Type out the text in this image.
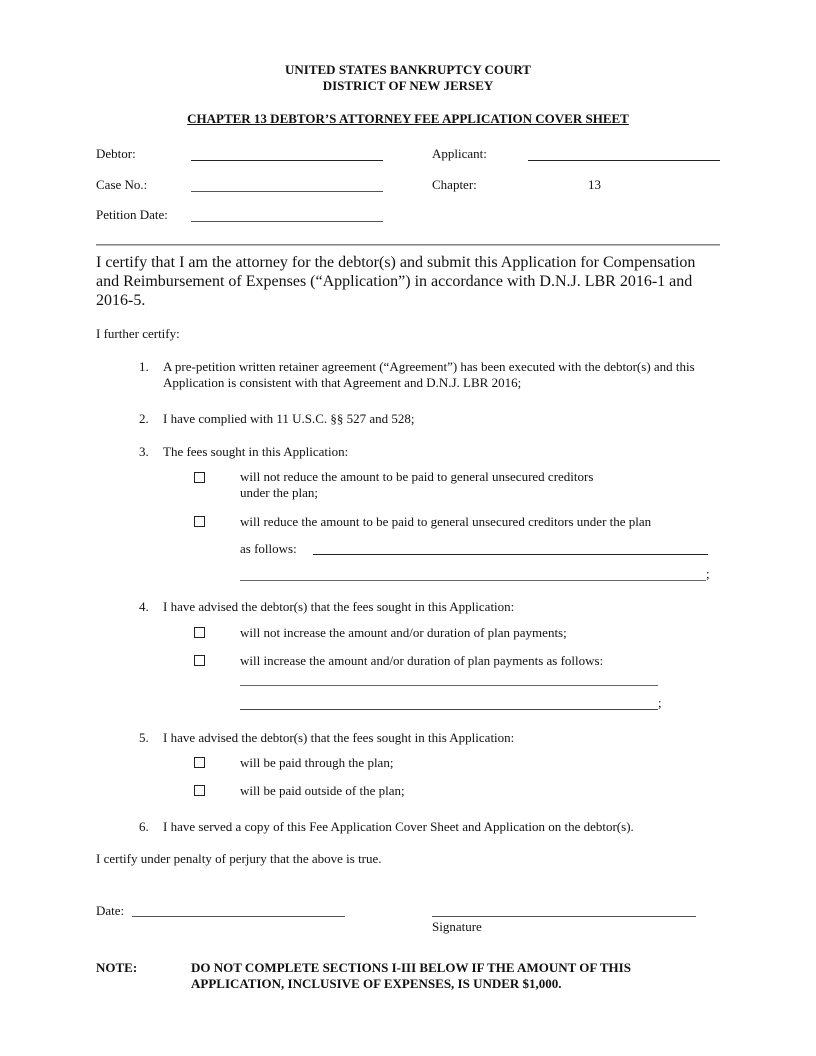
UNITED STATES BANKRUPTCY COURT
DISTRICT OF NEW JERSEY
CHAPTER 13 DEBTOR’S ATTORNEY FEE APPLICATION COVER SHEET
Debtor:	Applicant:
Case No.:	Chapter:	13
Petition Date:
I certify that I am the attorney for the debtor(s) and submit this Application for Compensation and Reimbursement of Expenses (“Application”) in accordance with D.N.J. LBR 2016-1 and 2016-5.
I further certify:
1. A pre-petition written retainer agreement (“Agreement”) has been executed with the debtor(s) and this Application is consistent with that Agreement and D.N.J. LBR 2016;
2. I have complied with 11 U.S.C. §§ 527 and 528;
3. The fees sought in this Application:
will not reduce the amount to be paid to general unsecured creditors under the plan;
will reduce the amount to be paid to general unsecured creditors under the plan
as follows:
;
4. I have advised the debtor(s) that the fees sought in this Application:
will not increase the amount and/or duration of plan payments;
will increase the amount and/or duration of plan payments as follows:
;
5. I have advised the debtor(s) that the fees sought in this Application:
will be paid through the plan;
will be paid outside of the plan;
6. I have served a copy of this Fee Application Cover Sheet and Application on the debtor(s).
I certify under penalty of perjury that the above is true.
Date:
Signature
NOTE:	DO NOT COMPLETE SECTIONS I-III BELOW IF THE AMOUNT OF THIS APPLICATION, INCLUSIVE OF EXPENSES, IS UNDER $1,000.
